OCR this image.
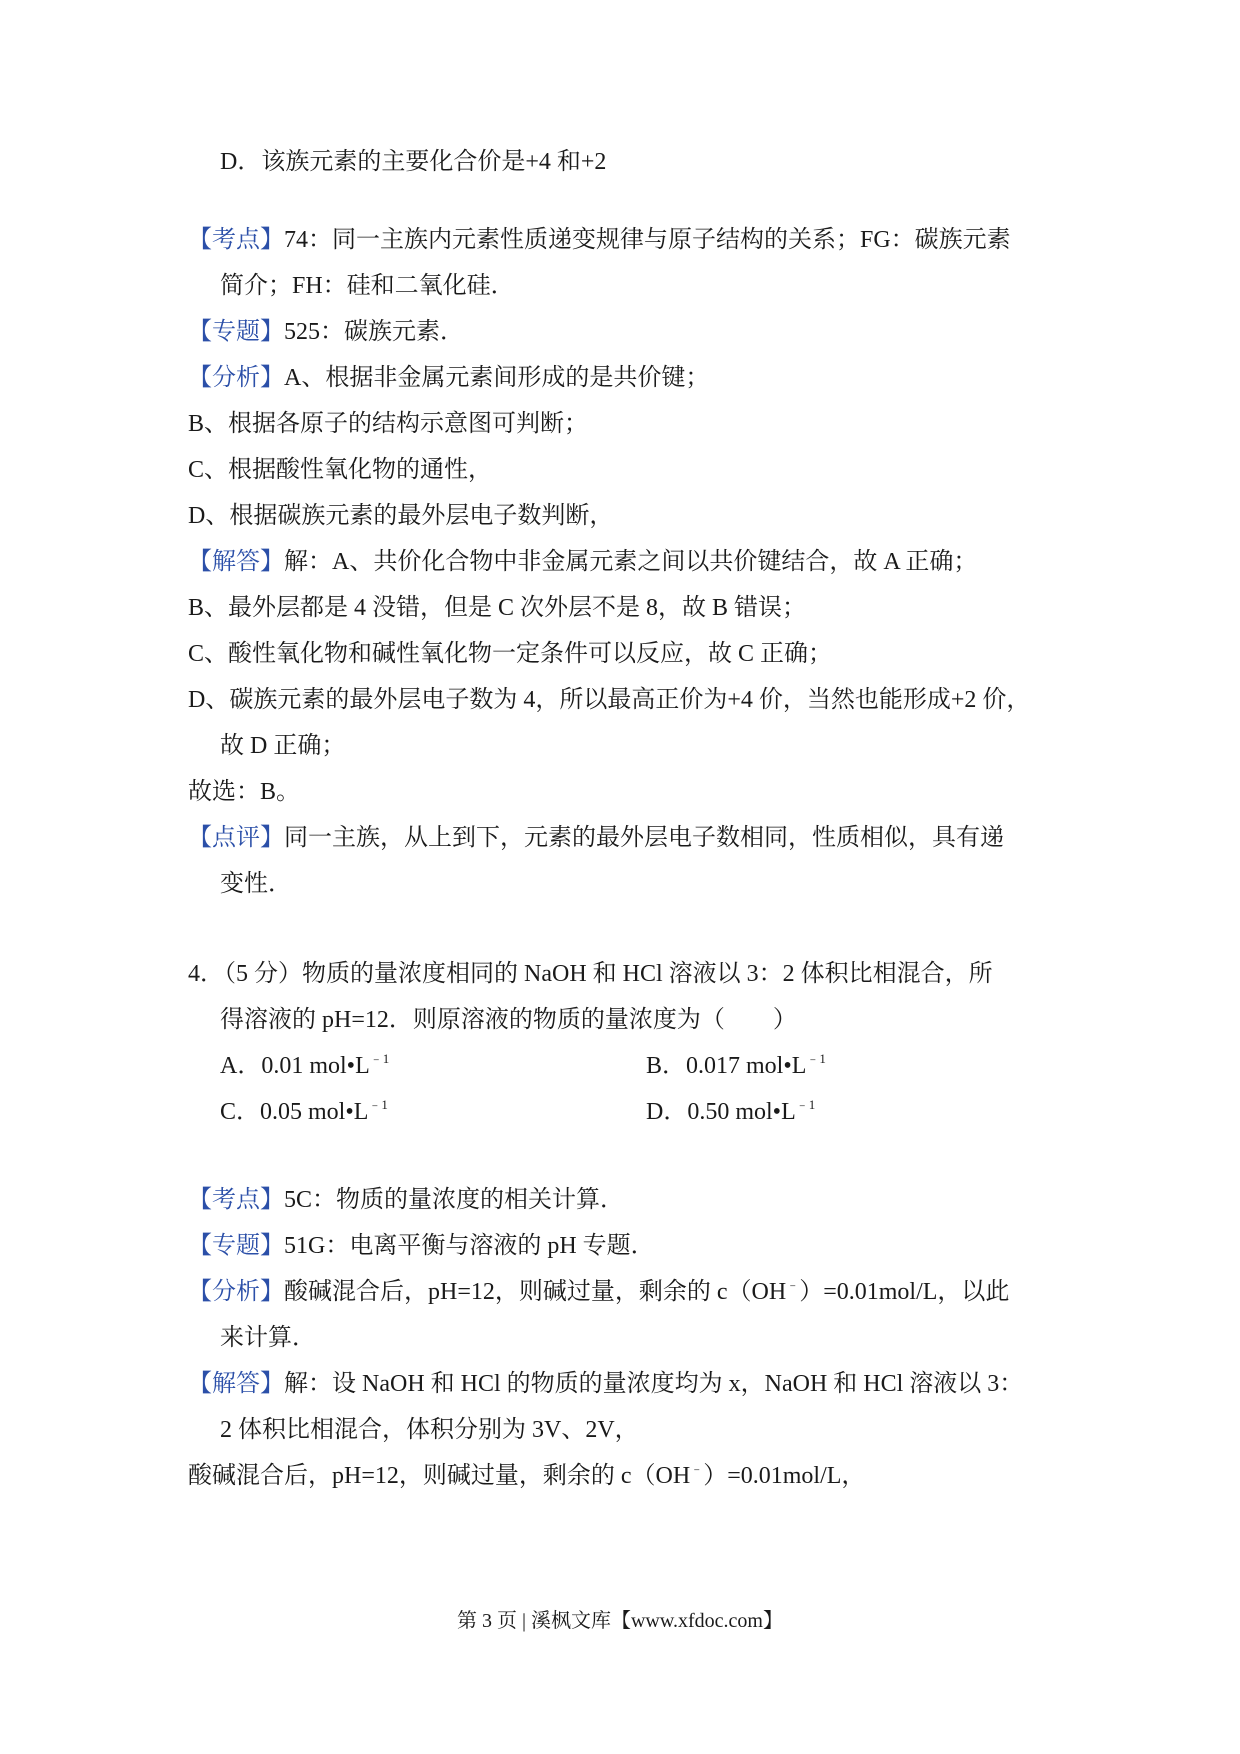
D．该族元素的主要化合价是+4 和+2
【考点】74：同一主族内元素性质递变规律与原子结构的关系；FG：碳族元素
简介；FH：硅和二氧化硅．
【专题】525：碳族元素．
【分析】A、根据非金属元素间形成的是共价键；
B、根据各原子的结构示意图可判断；
C、根据酸性氧化物的通性，
D、根据碳族元素的最外层电子数判断，
【解答】解：A、共价化合物中非金属元素之间以共价键结合，故 A 正确；
B、最外层都是 4 没错，但是 C 次外层不是 8，故 B 错误；
C、酸性氧化物和碱性氧化物一定条件可以反应，故 C 正确；
D、碳族元素的最外层电子数为 4，所以最高正价为+4 价，当然也能形成+2 价，
故 D 正确；
故选：B。
【点评】同一主族，从上到下，元素的最外层电子数相同，性质相似，具有递
变性．
4．（5 分）物质的量浓度相同的 NaOH 和 HCl 溶液以 3：2 体积比相混合，所
得溶液的 pH=12．则原溶液的物质的量浓度为（　　）
A．0.01 $mol•L^{﹣1}$	B．0.017 $mol•L^{﹣1}$
C．0.05 $mol•L^{﹣1}$	D．0.50 $mol•L^{﹣1}$
【考点】5C：物质的量浓度的相关计算．
【专题】51G：电离平衡与溶液的 pH 专题．
【分析】酸碱混合后，pH=12，则碱过量，剩余的 c（OH﹣）=0.01mol/L，以此
来计算．
【解答】解：设 NaOH 和 HCl 的物质的量浓度均为 x，NaOH 和 HCl 溶液以 3：
2 体积比相混合，体积分别为 3V、2V，
酸碱混合后，pH=12，则碱过量，剩余的 c（OH﹣）=0.01mol/L，
第 3 页 | 溪枫文库【www.xfdoc.com】
